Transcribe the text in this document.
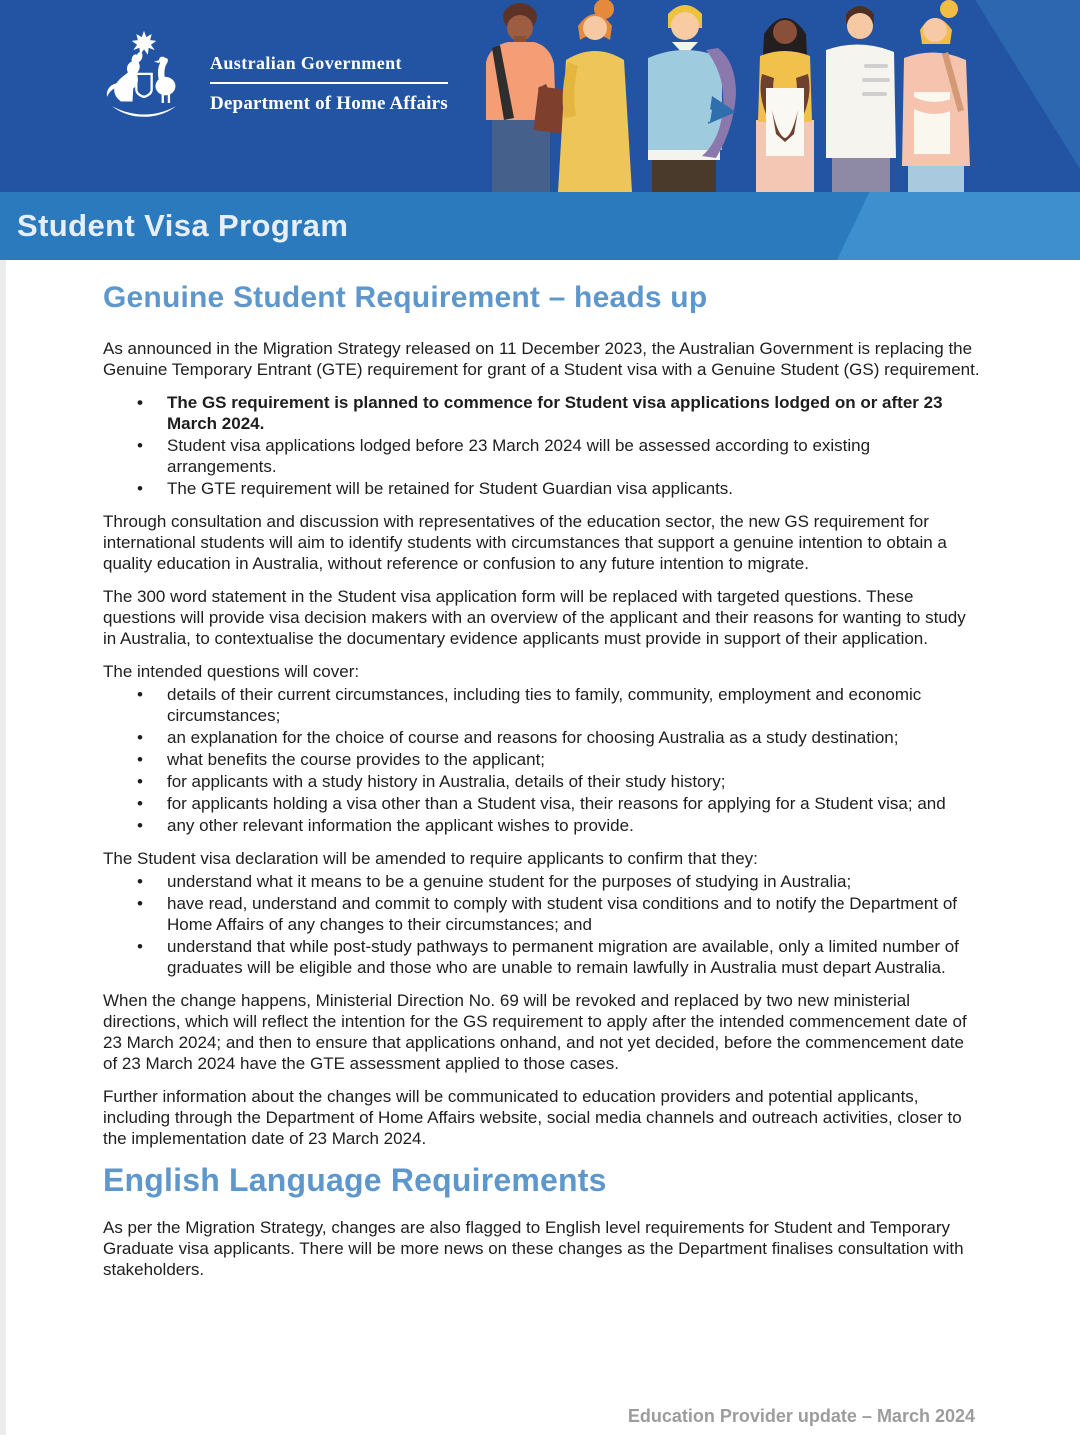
Australian Government
Department of Home Affairs
Student Visa Program
Genuine Student Requirement – heads up

As announced in the Migration Strategy released on 11 December 2023, the Australian Government is replacing the Genuine Temporary Entrant (GTE) requirement for grant of a Student visa with a Genuine Student (GS) requirement.

• The GS requirement is planned to commence for Student visa applications lodged on or after 23 March 2024.
• Student visa applications lodged before 23 March 2024 will be assessed according to existing arrangements.
• The GTE requirement will be retained for Student Guardian visa applicants.

Through consultation and discussion with representatives of the education sector, the new GS requirement for international students will aim to identify students with circumstances that support a genuine intention to obtain a quality education in Australia, without reference or confusion to any future intention to migrate.

The 300 word statement in the Student visa application form will be replaced with targeted questions. These questions will provide visa decision makers with an overview of the applicant and their reasons for wanting to study in Australia, to contextualise the documentary evidence applicants must provide in support of their application.

The intended questions will cover:

• details of their current circumstances, including ties to family, community, employment and economic circumstances;
• an explanation for the choice of course and reasons for choosing Australia as a study destination;
• what benefits the course provides to the applicant;
• for applicants with a study history in Australia, details of their study history;
• for applicants holding a visa other than a Student visa, their reasons for applying for a Student visa; and
• any other relevant information the applicant wishes to provide.

The Student visa declaration will be amended to require applicants to confirm that they:

• understand what it means to be a genuine student for the purposes of studying in Australia;
• have read, understand and commit to comply with student visa conditions and to notify the Department of Home Affairs of any changes to their circumstances; and
• understand that while post-study pathways to permanent migration are available, only a limited number of graduates will be eligible and those who are unable to remain lawfully in Australia must depart Australia.

When the change happens, Ministerial Direction No. 69 will be revoked and replaced by two new ministerial directions, which will reflect the intention for the GS requirement to apply after the intended commencement date of 23 March 2024; and then to ensure that applications onhand, and not yet decided, before the commencement date of 23 March 2024 have the GTE assessment applied to those cases.

Further information about the changes will be communicated to education providers and potential applicants, including through the Department of Home Affairs website, social media channels and outreach activities, closer to the implementation date of 23 March 2024.

English Language Requirements

As per the Migration Strategy, changes are also flagged to English level requirements for Student and Temporary Graduate visa applicants. There will be more news on these changes as the Department finalises consultation with stakeholders.

Education Provider update – March 2024
